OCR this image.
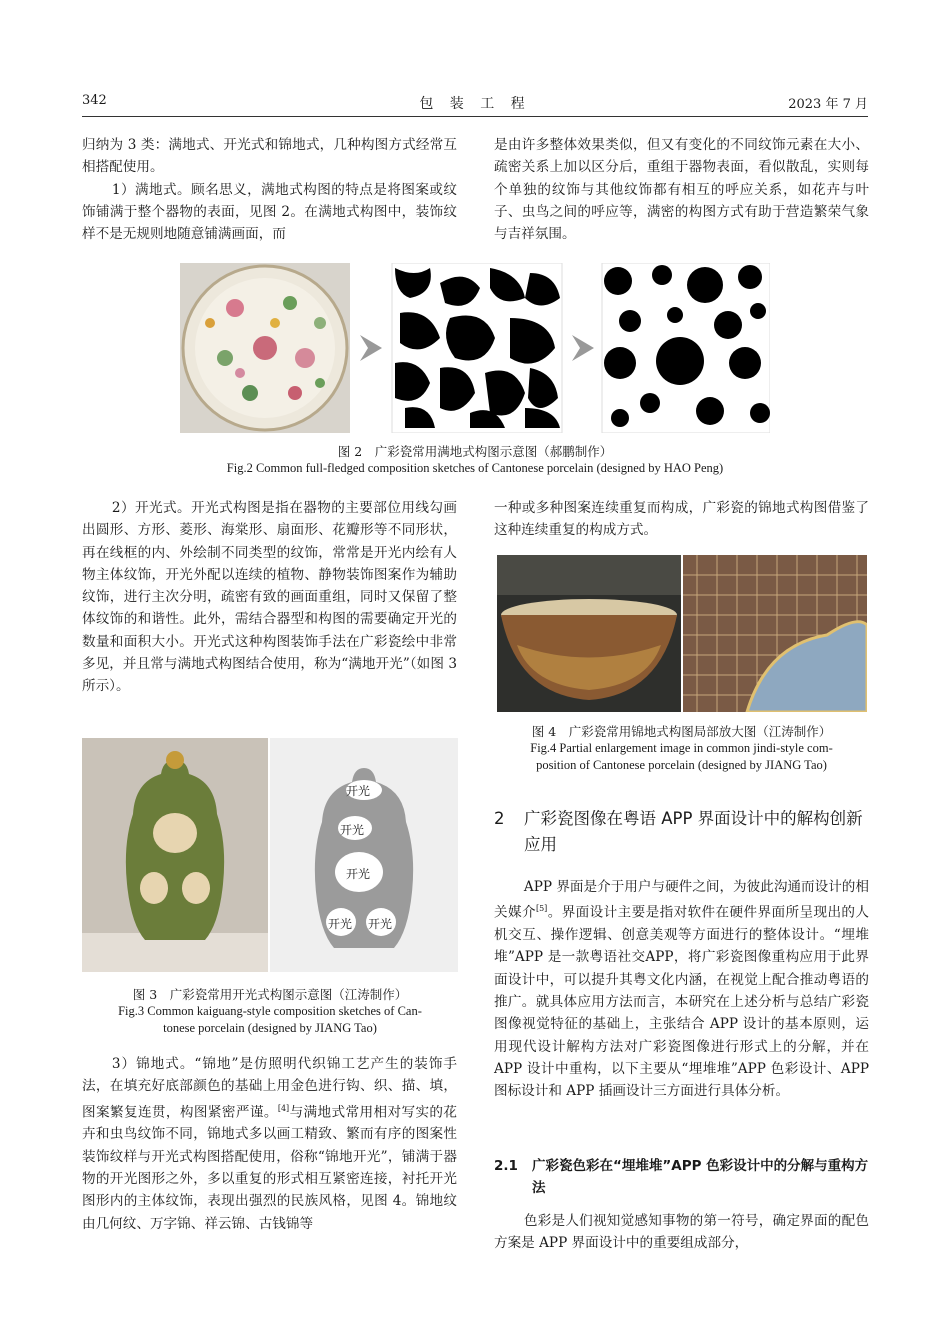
342	包 装 工 程	2023 年 7 月

归纳为 3 类：满地式、开光式和锦地式，几种构图方式经常互相搭配使用。

1）满地式。顾名思义，满地式构图的特点是将图案或纹饰铺满于整个器物的表面，见图 2。在满地式构图中，装饰纹样不是无规则地随意铺满画面，而

是由许多整体效果类似，但又有变化的不同纹饰元素在大小、疏密关系上加以区分后，重组于器物表面，看似散乱，实则每个单独的纹饰与其他纹饰都有相互的呼应关系，如花卉与叶子、虫鸟之间的呼应等，满密的构图方式有助于营造繁荣气象与吉祥氛围。

图 2　广彩瓷常用满地式构图示意图（郝鹏制作）
Fig.2 Common full-fledged composition sketches of Cantonese porcelain (designed by HAO Peng)

2）开光式。开光式构图是指在器物的主要部位用线勾画出圆形、方形、菱形、海棠形、扇面形、花瓣形等不同形状，再在线框的内、外绘制不同类型的纹饰，常常是开光内绘有人物主体纹饰，开光外配以连续的植物、静物装饰图案作为辅助纹饰，进行主次分明，疏密有致的画面重组，同时又保留了整体纹饰的和谐性。此外，需结合器型和构图的需要确定开光的数量和面积大小。开光式这种构图装饰手法在广彩瓷绘中非常多见，并且常与满地式构图结合使用，称为“满地开光”（如图 3 所示）。

一种或多种图案连续重复而构成，广彩瓷的锦地式构图借鉴了这种连续重复的构成方式。

图 4　广彩瓷常用锦地式构图局部放大图（江涛制作）
Fig.4 Partial enlargement image in common jindi-style com-
position of Cantonese porcelain (designed by JIANG Tao)
开光
开光
开光
开光 开光
图 3　广彩瓷常用开光式构图示意图（江涛制作）
Fig.3 Common kaiguang-style composition sketches of Can-
tonese porcelain (designed by JIANG Tao)

3）锦地式。“锦地”是仿照明代织锦工艺产生的装饰手法，在填充好底部颜色的基础上用金色进行钩、织、描、填，图案繁复连贯，构图紧密严谨。[4]与满地式常用相对写实的花卉和虫鸟纹饰不同，锦地式多以画工精致、繁而有序的图案性装饰纹样与开光式构图搭配使用，俗称“锦地开光”，铺满于器物的开光图形之外，多以重复的形式相互紧密连接，衬托开光图形内的主体纹饰，表现出强烈的民族风格，见图 4。锦地纹由几何纹、万字锦、祥云锦、古钱锦等

2	广彩瓷图像在粤语 APP 界面设计中的解构创新应用

APP 界面是介于用户与硬件之间，为彼此沟通而设计的相关媒介[5]。界面设计主要是指对软件在硬件界面所呈现出的人机交互、操作逻辑、创意美观等方面进行的整体设计。“埋堆堆”APP 是一款粤语社交APP，将广彩瓷图像重构应用于此界面设计中，可以提升其粤文化内涵，在视觉上配合推动粤语的推广。就具体应用方法而言，本研究在上述分析与总结广彩瓷图像视觉特征的基础上，主张结合 APP 设计的基本原则，运用现代设计解构方法对广彩瓷图像进行形式上的分解，并在 APP 设计中重构，以下主要从“埋堆堆”APP 色彩设计、APP 图标设计和 APP 插画设计三方面进行具体分析。

2.1	广彩瓷色彩在“埋堆堆”APP 色彩设计中的分解与重构方法

色彩是人们视知觉感知事物的第一符号，确定界面的配色方案是 APP 界面设计中的重要组成部分，
